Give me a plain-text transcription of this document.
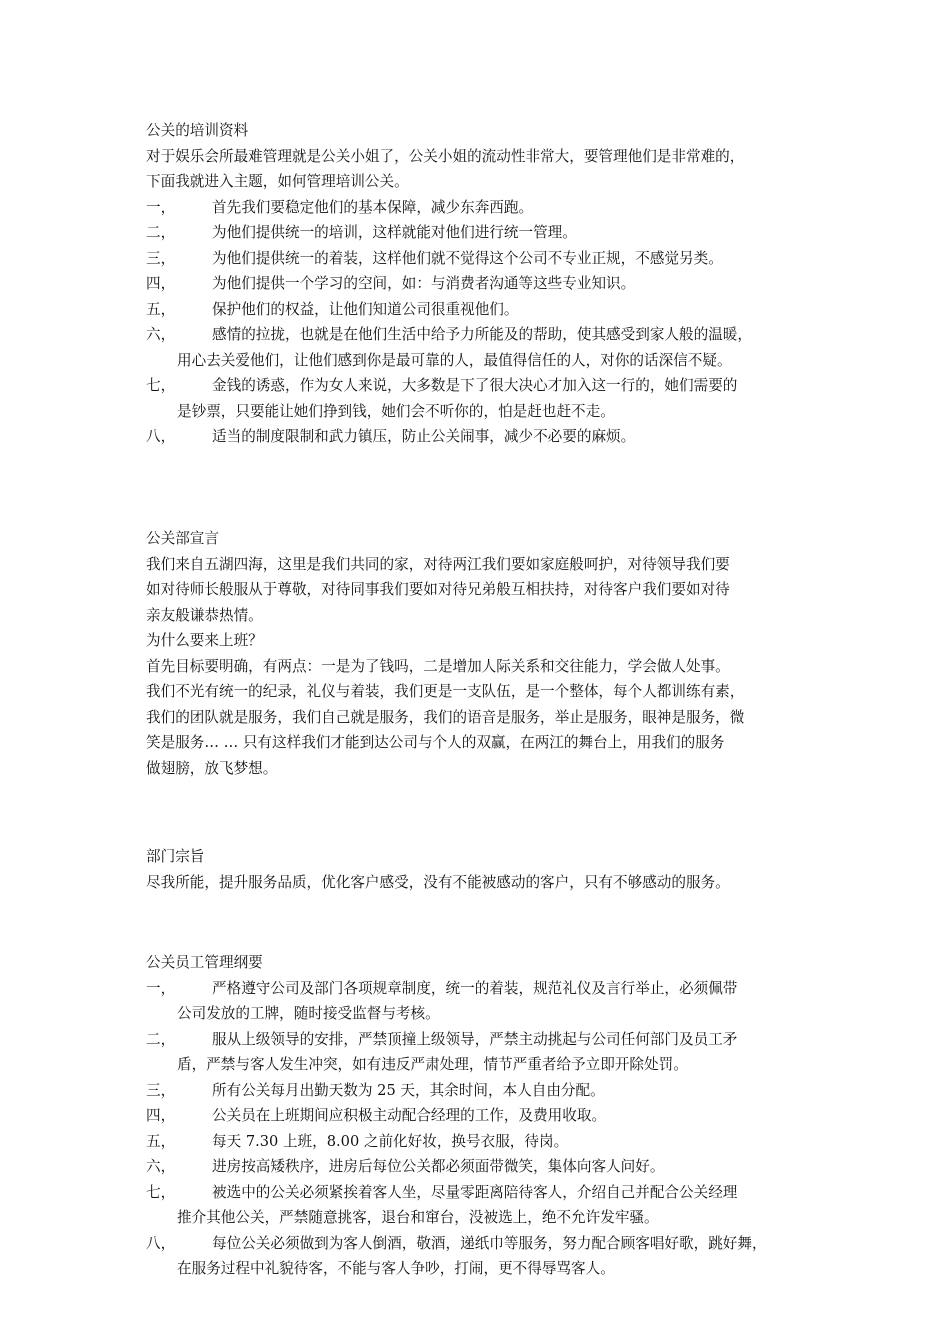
公关的培训资料

对于娱乐会所最难管理就是公关小姐了，公关小姐的流动性非常大，要管理他们是非常难的，

下面我就进入主题，如何管理培训公关。

一，	首先我们要稳定他们的基本保障，减少东奔西跑。
二，	为他们提供统一的培训，这样就能对他们进行统一管理。
三，	为他们提供统一的着装，这样他们就不觉得这个公司不专业正规，不感觉另类。
四，	为他们提供一个学习的空间，如：与消费者沟通等这些专业知识。
五，	保护他们的权益，让他们知道公司很重视他们。
六，	感情的拉拢，也就是在他们生活中给予力所能及的帮助，使其感受到家人般的温暖，
用心去关爱他们，让他们感到你是最可靠的人，最值得信任的人，对你的话深信不疑。
七，	金钱的诱惑，作为女人来说，大多数是下了很大决心才加入这一行的，她们需要的
是钞票，只要能让她们挣到钱，她们会不听你的，怕是赶也赶不走。
八，	适当的制度限制和武力镇压，防止公关闹事，减少不必要的麻烦。

公关部宣言

我们来自五湖四海，这里是我们共同的家，对待两江我们要如家庭般呵护，对待领导我们要

如对待师长般服从于尊敬，对待同事我们要如对待兄弟般互相扶持，对待客户我们要如对待

亲友般谦恭热情。

为什么要来上班？

首先目标要明确，有两点：一是为了钱吗，二是增加人际关系和交往能力，学会做人处事。

我们不光有统一的纪录，礼仪与着装，我们更是一支队伍，是一个整体，每个人都训练有素，

我们的团队就是服务，我们自己就是服务，我们的语音是服务，举止是服务，眼神是服务，微

笑是服务… … 只有这样我们才能到达公司与个人的双赢，在两江的舞台上，用我们的服务

做翅膀，放飞梦想。

部门宗旨

尽我所能，提升服务品质，优化客户感受，没有不能被感动的客户，只有不够感动的服务。

公关员工管理纲要

一，	严格遵守公司及部门各项规章制度，统一的着装，规范礼仪及言行举止，必须佩带
公司发放的工牌，随时接受监督与考核。
二，	服从上级领导的安排，严禁顶撞上级领导，严禁主动挑起与公司任何部门及员工矛
盾，严禁与客人发生冲突，如有违反严肃处理，情节严重者给予立即开除处罚。
三，	所有公关每月出勤天数为 25 天，其余时间，本人自由分配。
四，	公关员在上班期间应积极主动配合经理的工作，及费用收取。
五，	每天 7.30 上班，8.00 之前化好妆，换号衣服，待岗。
六，	进房按高矮秩序，进房后每位公关都必须面带微笑，集体向客人问好。
七，	被选中的公关必须紧挨着客人坐，尽量零距离陪待客人，介绍自己并配合公关经理
推介其他公关，严禁随意挑客，退台和窜台，没被选上，绝不允许发牢骚。
八，	每位公关必须做到为客人倒酒，敬酒，递纸巾等服务，努力配合顾客唱好歌，跳好舞，
在服务过程中礼貌待客，不能与客人争吵，打闹，更不得辱骂客人。
